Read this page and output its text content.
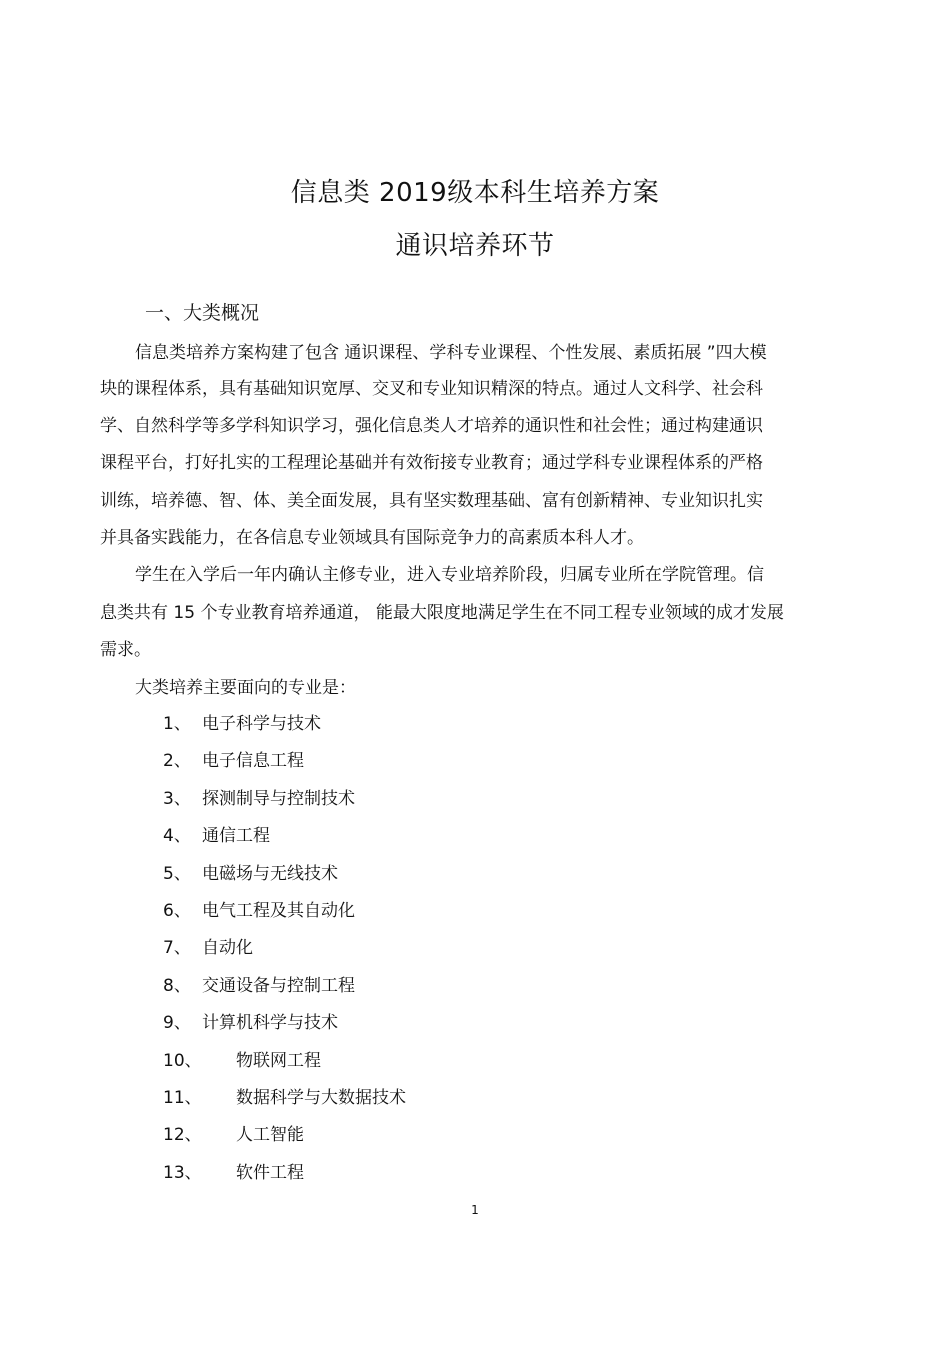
信息类 2019级本科生培养方案
通识培养环节
一、大类概况
信息类培养方案构建了包含 通识课程、学科专业课程、个性发展、素质拓展 ”四大模
块的课程体系，具有基础知识宽厚、交叉和专业知识精深的特点。通过人文科学、社会科
学、自然科学等多学科知识学习，强化信息类人才培养的通识性和社会性；通过构建通识
课程平台，打好扎实的工程理论基础并有效衔接专业教育；通过学科专业课程体系的严格
训练，培养德、智、体、美全面发展，具有坚实数理基础、富有创新精神、专业知识扎实
并具备实践能力，在各信息专业领域具有国际竞争力的高素质本科人才。
学生在入学后一年内确认主修专业，进入专业培养阶段，归属专业所在学院管理。信
息类共有 15 个专业教育培养通道， 能最大限度地满足学生在不同工程专业领域的成才发展
需求。
大类培养主要面向的专业是：
1、 电子科学与技术
2、 电子信息工程
3、 探测制导与控制技术
4、 通信工程
5、 电磁场与无线技术
6、 电气工程及其自动化
7、 自动化
8、 交通设备与控制工程
9、 计算机科学与技术
10、 物联网工程
11、 数据科学与大数据技术
12、 人工智能
13、 软件工程
1
